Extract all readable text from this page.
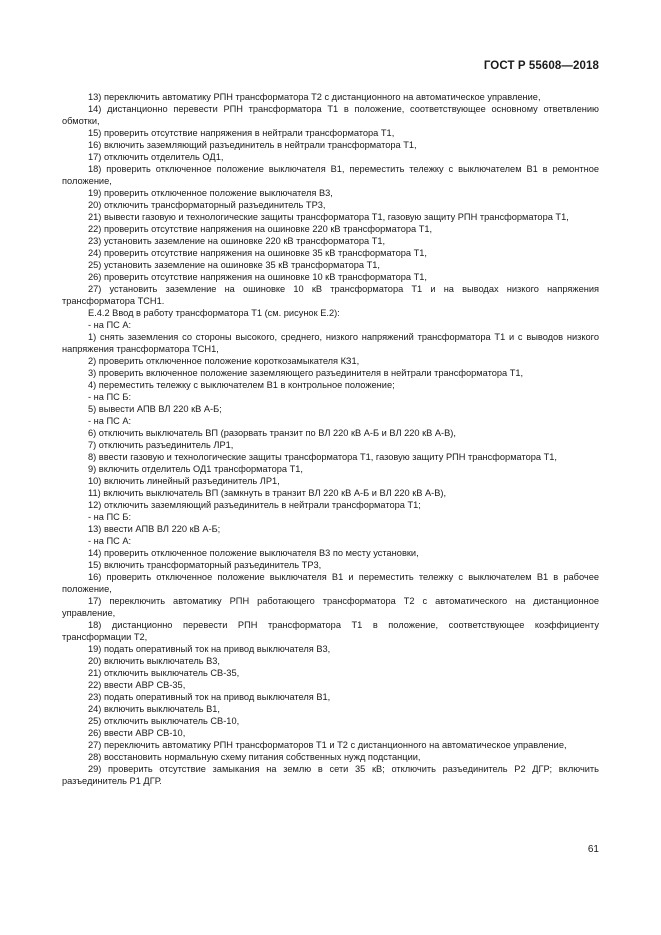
ГОСТ Р 55608—2018

13) переключить автоматику РПН трансформатора Т2 с дистанционного на автоматическое управление,

14) дистанционно перевести РПН трансформатора Т1 в положение, соответствующее основному ответвлению обмотки,

15) проверить отсутствие напряжения в нейтрали трансформатора Т1,

16) включить заземляющий разъединитель в нейтрали трансформатора Т1,

17) отключить отделитель ОД1,

18) проверить отключенное положение выключателя В1, переместить тележку с выключателем В1 в ремонтное положение,

19) проверить отключенное положение выключателя В3,

20) отключить трансформаторный разъединитель ТР3,

21) вывести газовую и технологические защиты трансформатора Т1, газовую защиту РПН трансформатора Т1,

22) проверить отсутствие напряжения на ошиновке 220 кВ трансформатора Т1,

23) установить заземление на ошиновке 220 кВ трансформатора Т1,

24) проверить отсутствие напряжения на ошиновке 35 кВ трансформатора Т1,

25) установить заземление на ошиновке 35 кВ трансформатора Т1,

26) проверить отсутствие напряжения на ошиновке 10 кВ трансформатора Т1,

27) установить заземление на ошиновке 10 кВ трансформатора Т1 и на выводах низкого напряжения трансформатора ТСН1.

Е.4.2 Ввод в работу трансформатора Т1 (см. рисунок Е.2):

- на ПС А:

1) снять заземления со стороны высокого, среднего, низкого напряжений трансформатора Т1 и с выводов низкого напряжения трансформатора ТСН1,

2) проверить отключенное положение короткозамыкателя КЗ1,

3) проверить включенное положение заземляющего разъединителя в нейтрали трансформатора Т1,

4) переместить тележку с выключателем В1 в контрольное положение;

- на ПС Б:

5) вывести АПВ ВЛ 220 кВ А-Б;

- на ПС А:

6) отключить выключатель ВП (разорвать транзит по ВЛ 220 кВ А-Б и ВЛ 220 кВ А-В),

7) отключить разъединитель ЛР1,

8) ввести газовую и технологические защиты трансформатора Т1, газовую защиту РПН трансформатора Т1,

9) включить отделитель ОД1 трансформатора Т1,

10) включить линейный разъединитель ЛР1,

11) включить выключатель ВП (замкнуть в транзит ВЛ 220 кВ А-Б и ВЛ 220 кВ А-В),

12) отключить заземляющий разъединитель в нейтрали трансформатора Т1;

- на ПС Б:

13) ввести АПВ ВЛ 220 кВ А-Б;

- на ПС А:

14) проверить отключенное положение выключателя В3 по месту установки,

15) включить трансформаторный разъединитель ТР3,

16) проверить отключенное положение выключателя В1 и переместить тележку с выключателем В1 в рабочее положение,

17) переключить автоматику РПН работающего трансформатора Т2 с автоматического на дистанционное управление,

18) дистанционно перевести РПН трансформатора Т1 в положение, соответствующее коэффициенту трансформации Т2,

19) подать оперативный ток на привод выключателя В3,

20) включить выключатель В3,

21) отключить выключатель СВ-35,

22) ввести АВР СВ-35,

23) подать оперативный ток на привод выключателя В1,

24) включить выключатель В1,

25) отключить выключатель СВ-10,

26) ввести АВР СВ-10,

27) переключить автоматику РПН трансформаторов Т1 и Т2 с дистанционного на автоматическое управление,

28) восстановить нормальную схему питания собственных нужд подстанции,

29) проверить отсутствие замыкания на землю в сети 35 кВ; отключить разъединитель Р2 ДГР; включить разъединитель Р1 ДГР.

61
